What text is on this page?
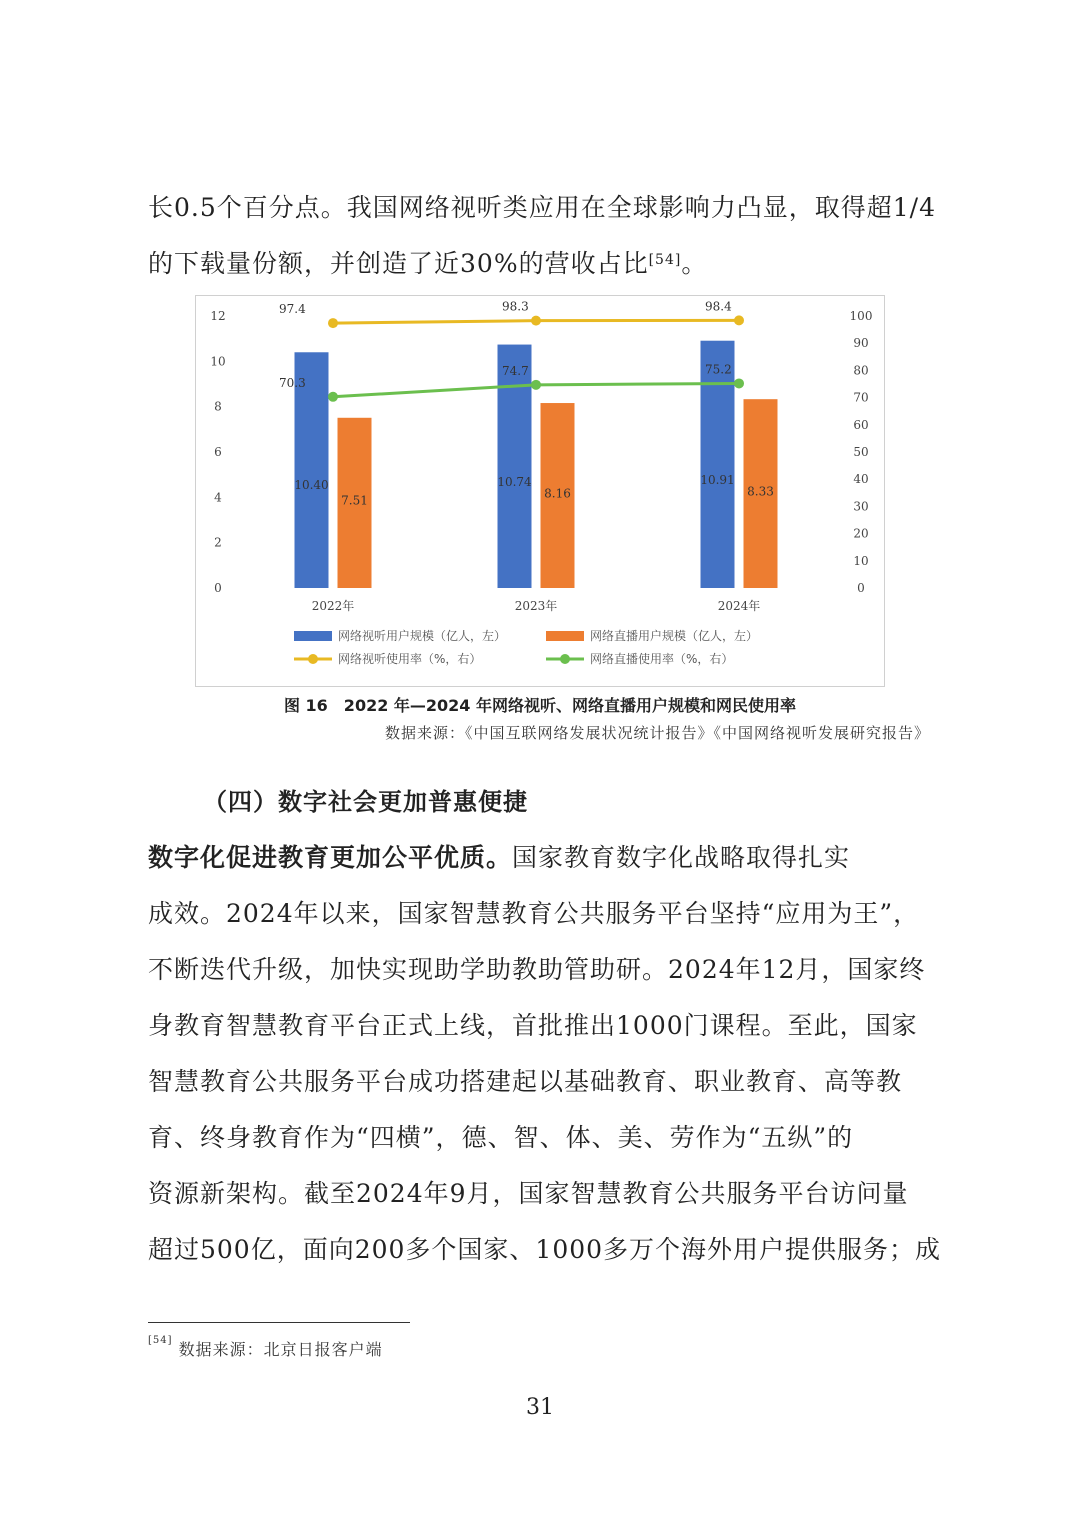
长0.5个百分点。我国网络视听类应用在全球影响力凸显，取得超1/4
的下载量份额，并创造了近30%的营收占比[54]。

0
2
4
6
8
10
12
0
10
20
30
40
50
60
70
80
90
100
2022年	2023年	2024年
10.40	10.74	10.91
7.51
8.16	8.33
97.4	98.3	98.4
70.3
74.7	75.2
网络视听用户规模（亿人，左）	网络直播用户规模（亿人，左）
网络视听使用率（%，右）	网络直播使用率（%，右）
图 16　2022 年—2024 年网络视听、网络直播用户规模和网民使用率
数据来源：《中国互联网络发展状况统计报告》《中国网络视听发展研究报告》
（四）数字社会更加普惠便捷

数字化促进教育更加公平优质。国家教育数字化战略取得扎实
成效。2024年以来，国家智慧教育公共服务平台坚持“应用为王”，
不断迭代升级，加快实现助学助教助管助研。2024年12月，国家终
身教育智慧教育平台正式上线，首批推出1000门课程。至此，国家
智慧教育公共服务平台成功搭建起以基础教育、职业教育、高等教
育、终身教育作为“四横”，德、智、体、美、劳作为“五纵”的
资源新架构。截至2024年9月，国家智慧教育公共服务平台访问量
超过500亿，面向200多个国家、1000多万个海外用户提供服务；成

[54] 数据来源：北京日报客户端
31
